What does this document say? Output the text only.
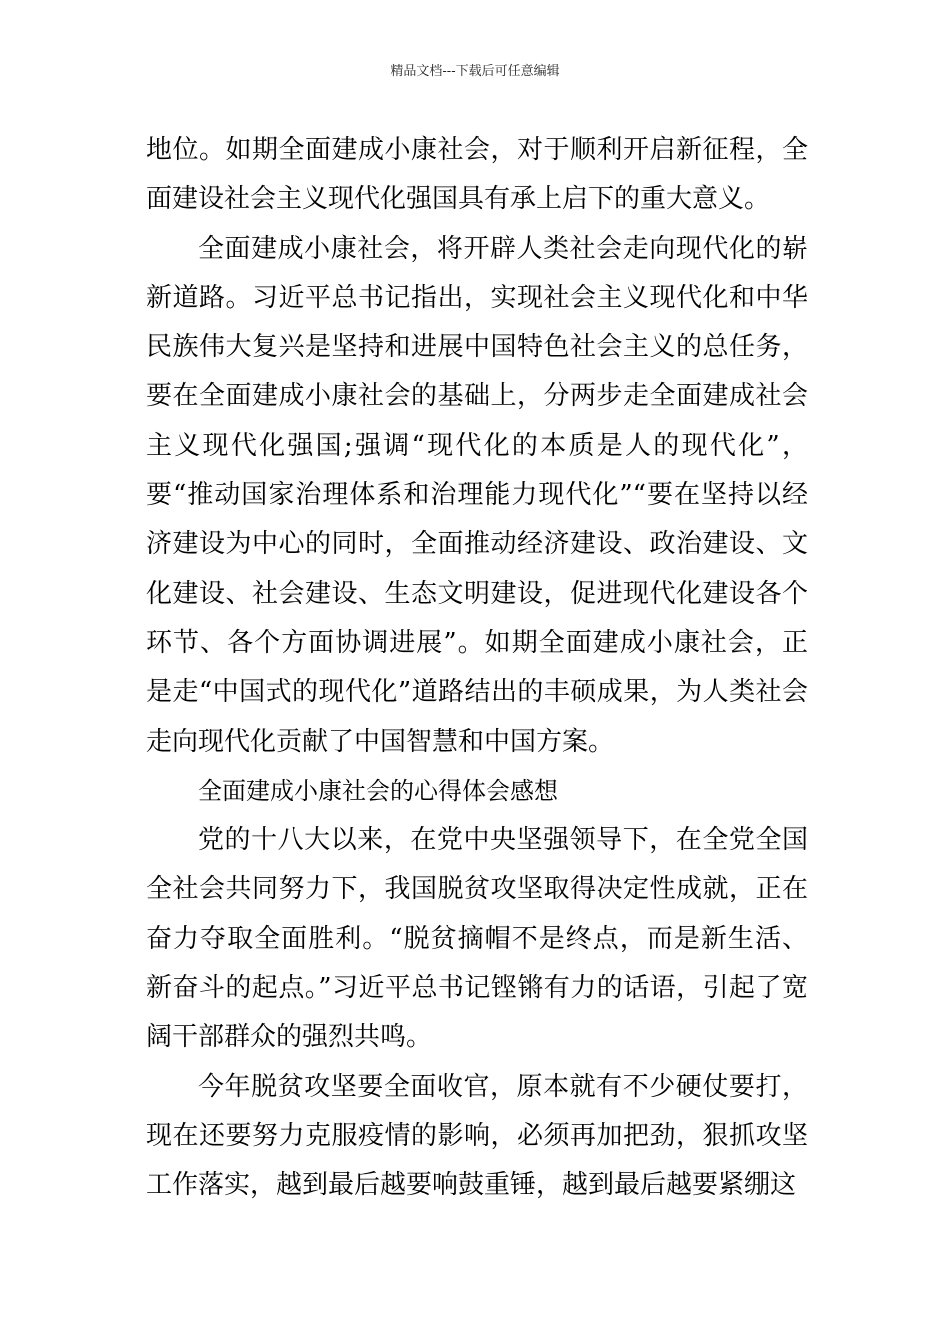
精品文档---下载后可任意编辑

地位。如期全面建成小康社会，对于顺利开启新征程，全面建设社会主义现代化强国具有承上启下的重大意义。

全面建成小康社会，将开辟人类社会走向现代化的崭新道路。习近平总书记指出，实现社会主义现代化和中华民族伟大复兴是坚持和进展中国特色社会主义的总任务，要在全面建成小康社会的基础上，分两步走全面建成社会主义现代化强国;强调“现代化的本质是人的现代化”，要“推动国家治理体系和治理能力现代化”“要在坚持以经济建设为中心的同时，全面推动经济建设、政治建设、文化建设、社会建设、生态文明建设，促进现代化建设各个环节、各个方面协调进展”。如期全面建成小康社会，正是走“中国式的现代化”道路结出的丰硕成果，为人类社会走向现代化贡献了中国智慧和中国方案。

全面建成小康社会的心得体会感想

党的十八大以来，在党中央坚强领导下，在全党全国全社会共同努力下，我国脱贫攻坚取得决定性成就，正在奋力夺取全面胜利。“脱贫摘帽不是终点，而是新生活、新奋斗的起点。”习近平总书记铿锵有力的话语，引起了宽阔干部群众的强烈共鸣。

今年脱贫攻坚要全面收官，原本就有不少硬仗要打，现在还要努力克服疫情的影响，必须再加把劲，狠抓攻坚工作落实，越到最后越要响鼓重锤，越到最后越要紧绷这
